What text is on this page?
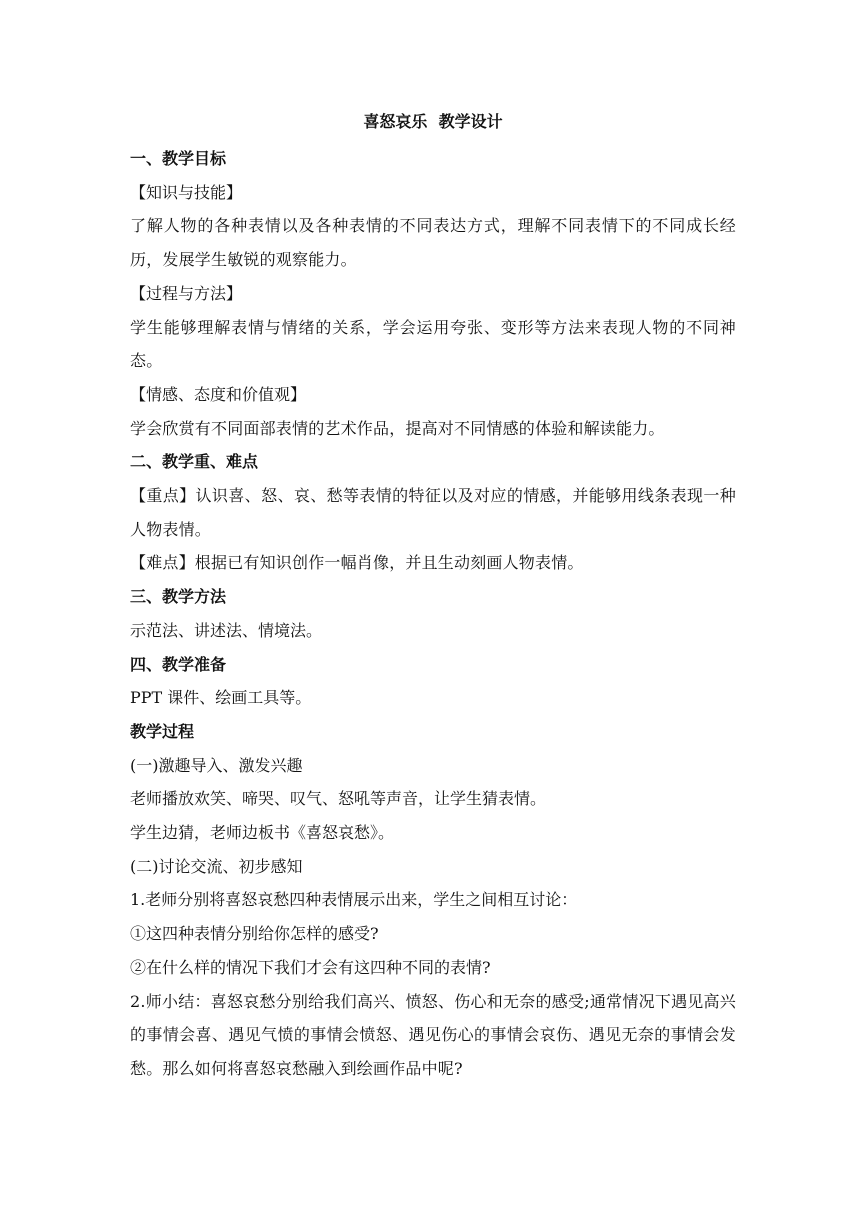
喜怒哀乐  教学设计

一、教学目标

【知识与技能】

了解人物的各种表情以及各种表情的不同表达方式，理解不同表情下的不同成长经历，发展学生敏锐的观察能力。

【过程与方法】

学生能够理解表情与情绪的关系，学会运用夸张、变形等方法来表现人物的不同神态。

【情感、态度和价值观】

学会欣赏有不同面部表情的艺术作品，提高对不同情感的体验和解读能力。

二、教学重、难点

【重点】认识喜、怒、哀、愁等表情的特征以及对应的情感，并能够用线条表现一种人物表情。

【难点】根据已有知识创作一幅肖像，并且生动刻画人物表情。

三、教学方法

示范法、讲述法、情境法。

四、教学准备

PPT 课件、绘画工具等。

教学过程

(一)激趣导入、激发兴趣

老师播放欢笑、啼哭、叹气、怒吼等声音，让学生猜表情。

学生边猜，老师边板书《喜怒哀愁》。

(二)讨论交流、初步感知

1.老师分别将喜怒哀愁四种表情展示出来，学生之间相互讨论：

①这四种表情分别给你怎样的感受?

②在什么样的情况下我们才会有这四种不同的表情?

2.师小结：喜怒哀愁分别给我们高兴、愤怒、伤心和无奈的感受;通常情况下遇见高兴的事情会喜、遇见气愤的事情会愤怒、遇见伤心的事情会哀伤、遇见无奈的事情会发愁。那么如何将喜怒哀愁融入到绘画作品中呢?
